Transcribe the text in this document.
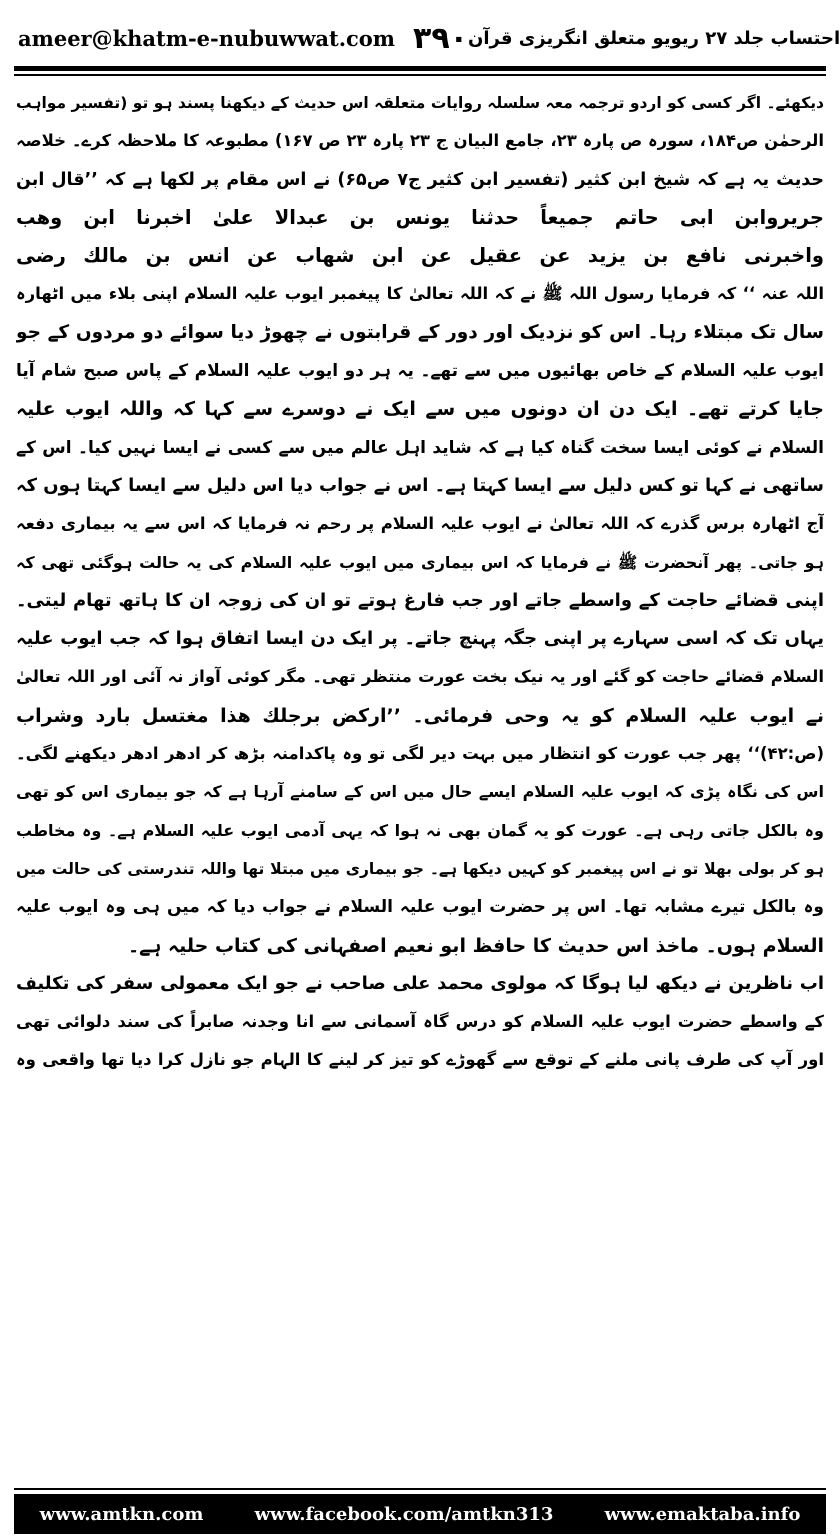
ameer@khatm-e-nubuwwat.com ۳۹۰ احتساب جلد ۲۷ ریویو متعلق انگریزی قرآن
دیکھئے۔ اگر کسی کو اردو ترجمہ معہ سلسلہ روایات متعلقہ اس حدیث کے دیکھنا پسند ہو تو (تفسیر مواہب
الرحمٰن ص۱۸۴، سورہ ص پارہ ۲۳، جامع البیان ج ۲۳ پارہ ۲۳ ص ۱۶۷) مطبوعہ کا ملاحظہ کرے۔ خلاصہ
حدیث یہ ہے کہ شیخ ابن کثیر (تفسیر ابن کثیر ج۷ ص۶۵) نے اس مقام پر لکھا ہے کہ ’’قال ابن
جریروابن ابی حاتم جمیعاً حدثنا یونس بن عبدالا علیٰ اخبرنا ابن وھب
واخبرنی نافع بن یزید عن عقیل عن ابن شھاب عن انس بن مالك رضی
اللہ عنہ ‘‘ کہ فرمایا رسول اللہ ﷺ نے کہ اللہ تعالیٰ کا پیغمبر ایوب علیہ السلام اپنی بلاء میں اٹھارہ
سال تک مبتلاء رہا۔ اس کو نزدیک اور دور کے قرابتوں نے چھوڑ دیا سوائے دو مردوں کے جو
ایوب علیہ السلام کے خاص بھائیوں میں سے تھے۔ یہ ہر دو ایوب علیہ السلام کے پاس صبح شام آیا
جایا کرتے تھے۔ ایک دن ان دونوں میں سے ایک نے دوسرے سے کہا کہ واللہ ایوب علیہ
السلام نے کوئی ایسا سخت گناہ کیا ہے کہ شاید اہل عالم میں سے کسی نے ایسا نہیں کیا۔ اس کے
ساتھی نے کہا تو کس دلیل سے ایسا کہتا ہے۔ اس نے جواب دیا اس دلیل سے ایسا کہتا ہوں کہ
آج اٹھارہ برس گذرے کہ اللہ تعالیٰ نے ایوب علیہ السلام پر رحم نہ فرمایا کہ اس سے یہ بیماری دفعہ
ہو جاتی۔ پھر آنحضرت ﷺ نے فرمایا کہ اس بیماری میں ایوب علیہ السلام کی یہ حالت ہوگئی تھی کہ
اپنی قضائے حاجت کے واسطے جاتے اور جب فارغ ہوتے تو ان کی زوجہ ان کا ہاتھ تھام لیتی۔
یہاں تک کہ اسی سہارے پر اپنی جگہ پہنچ جاتے۔ پر ایک دن ایسا اتفاق ہوا کہ جب ایوب علیہ
السلام قضائے حاجت کو گئے اور یہ نیک بخت عورت منتظر تھی۔ مگر کوئی آواز نہ آئی اور اللہ تعالیٰ
نے ایوب علیہ السلام کو یہ وحی فرمائی۔ ’’ارکض برجلك ھذا مغتسل بارد وشراب
(ص:۴۲)‘‘ پھر جب عورت کو انتظار میں بہت دیر لگی تو وہ پاکدامنہ بڑھ کر ادھر ادھر دیکھنے لگی۔
اس کی نگاہ پڑی کہ ایوب علیہ السلام ایسے حال میں اس کے سامنے آرہا ہے کہ جو بیماری اس کو تھی
وہ بالکل جاتی رہی ہے۔ عورت کو یہ گمان بھی نہ ہوا کہ یہی آدمی ایوب علیہ السلام ہے۔ وہ مخاطب
ہو کر بولی بھلا تو نے اس پیغمبر کو کہیں دیکھا ہے۔ جو بیماری میں مبتلا تھا واللہ تندرستی کی حالت میں
وہ بالکل تیرے مشابہ تھا۔ اس پر حضرت ایوب علیہ السلام نے جواب دیا کہ میں ہی وہ ایوب علیہ
السلام ہوں۔ ماخذ اس حدیث کا حافظ ابو نعیم اصفہانی کی کتاب حلیہ ہے۔
اب ناظرین نے دیکھ لیا ہوگا کہ مولوی محمد علی صاحب نے جو ایک معمولی سفر کی تکلیف
کے واسطے حضرت ایوب علیہ السلام کو درس گاہ آسمانی سے انا وجدنہ صابراً کی سند دلوائی تھی
اور آپ کی طرف پانی ملنے کے توقع سے گھوڑے کو تیز کر لینے کا الہام جو نازل کرا دیا تھا واقعی وہ
www.amtkn.com	www.facebook.com/amtkn313	www.emaktaba.info
